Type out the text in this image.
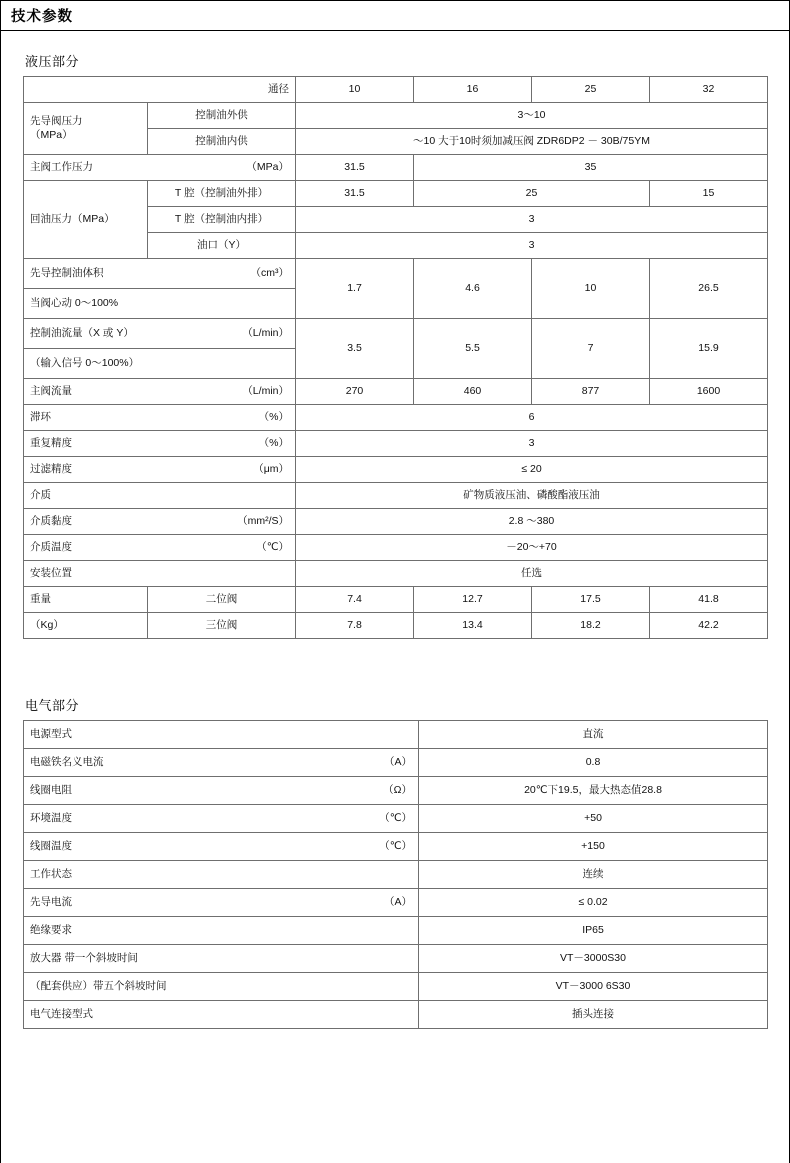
技术参数
液压部分
通径		10	16	25	32

先导阀压力
（MPa）	控制油外供	3～10			
	控制油内供	～10 大于10时须加减压阀 ZDR6DP2 － 30B/75YM			

主阀工作压力 （MPa）		31.5	35		
回油压力（MPa）	T 腔（控制油外排）	31.5	25		15
	T 腔（控制油内排）	3			
	油口（Y）	3			

先导控制油体积 （cm³）		1.7	4.6	10	26.5
当阀心动 0～100%					

控制油流量（X 或 Y） （L/min）		3.5	5.5	7	15.9
（输入信号 0～100%）					

主阀流量 （L/min）		270	460	877	1600

滞环 （%）		6			

重复精度 （%）		3			

过滤精度 （μm）		≤ 20			

介质		矿物质液压油、磷酸酯液压油			

介质黏度 （mm²/S）		2.8 ～380			

介质温度 （℃）		－20～+70			

安装位置		任选			
重量	二位阀	7.4	12.7	17.5	41.8
（Kg）	三位阀	7.8	13.4	18.2	42.2
电气部分
电源型式	直流

电磁铁名义电流 （A）	0.8

线圈电阻 （Ω）	20℃下19.5，最大热态值28.8

环境温度 （℃）	+50

线圈温度 （℃）	+150

工作状态	连续

先导电流 （A）	≤ 0.02

绝缘要求	IP65

放大器 带一个斜坡时间	VT－3000S30

（配套供应）带五个斜坡时间	VT－3000 6S30

电气连接型式	插头连接
